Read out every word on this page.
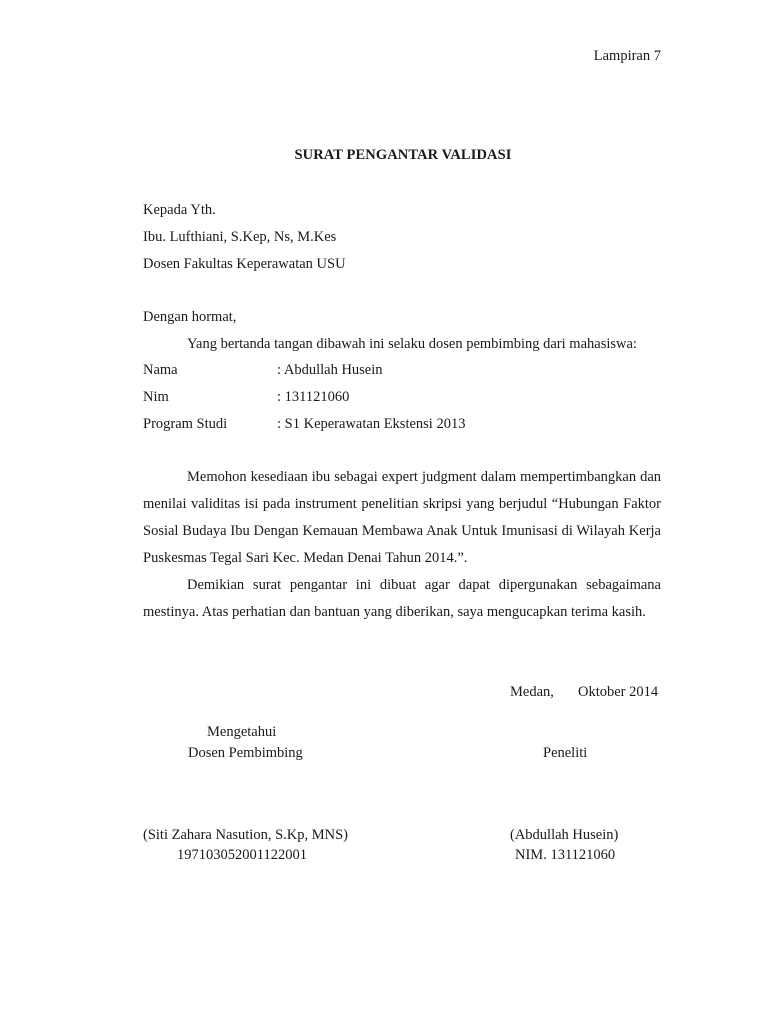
Lampiran 7
SURAT PENGANTAR VALIDASI
Kepada Yth.
Ibu. Lufthiani, S.Kep, Ns, M.Kes
Dosen Fakultas Keperawatan USU
Dengan hormat,
Yang bertanda tangan dibawah ini selaku dosen pembimbing dari mahasiswa:
Nama	: Abdullah Husein
Nim	: 131121060
Program Studi	: S1 Keperawatan Ekstensi 2013
Memohon kesediaan ibu sebagai expert judgment dalam mempertimbangkan dan menilai validitas isi pada instrument penelitian skripsi yang berjudul “Hubungan Faktor Sosial Budaya Ibu Dengan Kemauan Membawa Anak Untuk Imunisasi di Wilayah Kerja Puskesmas Tegal Sari Kec. Medan Denai Tahun 2014.”.
Demikian surat pengantar ini dibuat agar dapat dipergunakan sebagaimana mestinya. Atas perhatian dan bantuan yang diberikan, saya mengucapkan terima kasih.
Medan, Oktober 2014
Mengetahui
Dosen Pembimbing	Peneliti
(Siti Zahara Nasution, S.Kp, MNS)
197103052001122001
(Abdullah Husein)
NIM. 131121060
